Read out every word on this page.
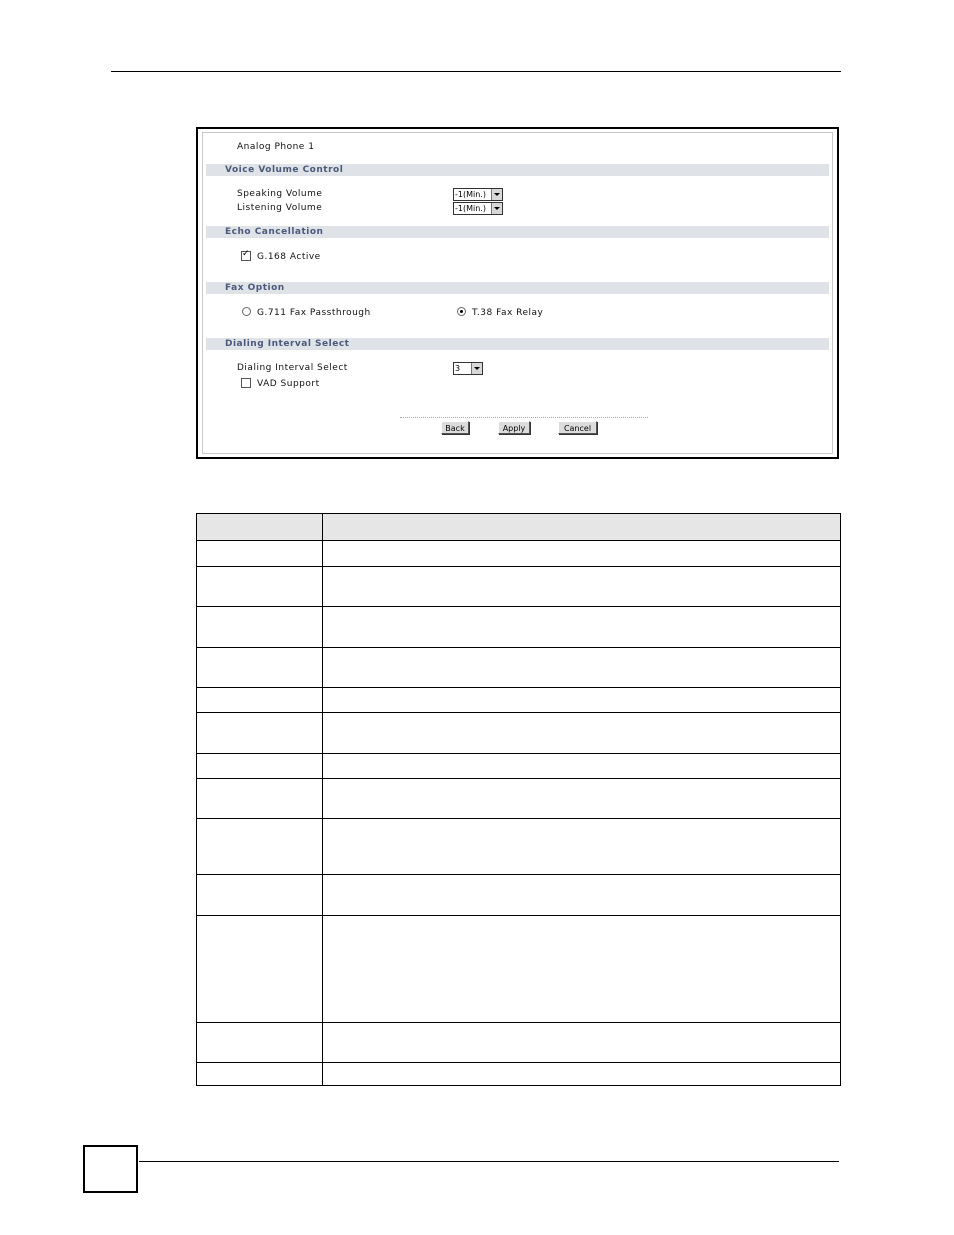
Analog Phone 1
Voice Volume Control
Speaking Volume	-1(Min.)
Listening Volume	-1(Min.)
Echo Cancellation
✓
G.168 Active
Fax Option
G.711 Fax Passthrough	T.38 Fax Relay
Dialing Interval Select
Dialing Interval Select	3
VAD Support
Back	Apply	Cancel
